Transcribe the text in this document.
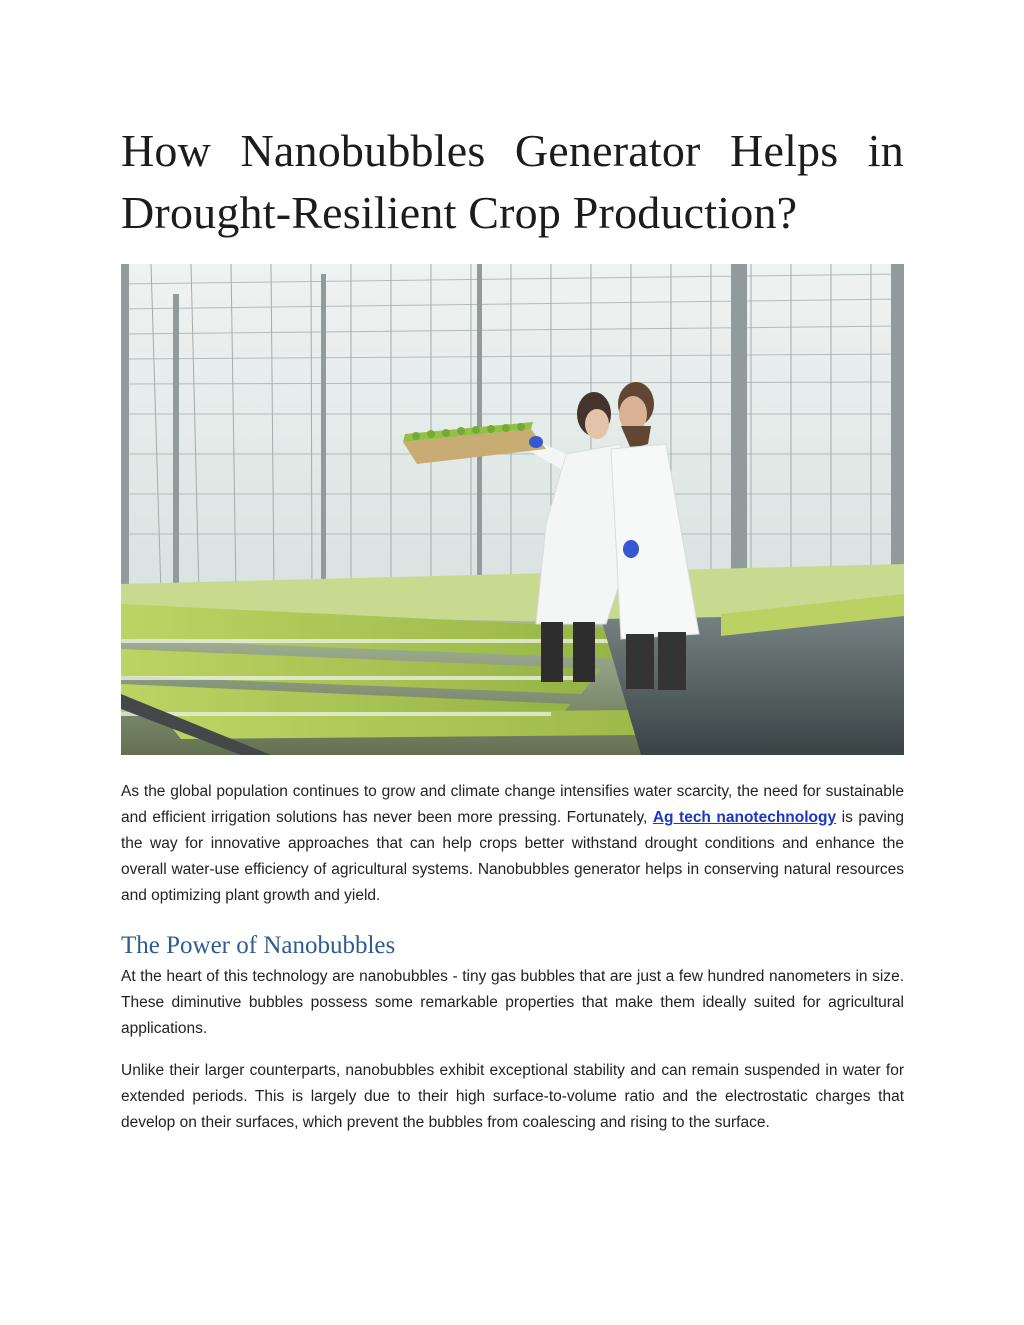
How Nanobubbles Generator Helps in
Drought-Resilient Crop Production?

As the global population continues to grow and climate change intensifies water scarcity, the need for sustainable and efficient irrigation solutions has never been more pressing. Fortunately, Ag tech nanotechnology is paving the way for innovative approaches that can help crops better withstand drought conditions and enhance the overall water-use efficiency of agricultural systems. Nanobubbles generator helps in conserving natural resources and optimizing plant growth and yield.

The Power of Nanobubbles

At the heart of this technology are nanobubbles - tiny gas bubbles that are just a few hundred nanometers in size. These diminutive bubbles possess some remarkable properties that make them ideally suited for agricultural applications.

Unlike their larger counterparts, nanobubbles exhibit exceptional stability and can remain suspended in water for extended periods. This is largely due to their high surface-to-volume ratio and the electrostatic charges that develop on their surfaces, which prevent the bubbles from coalescing and rising to the surface.
